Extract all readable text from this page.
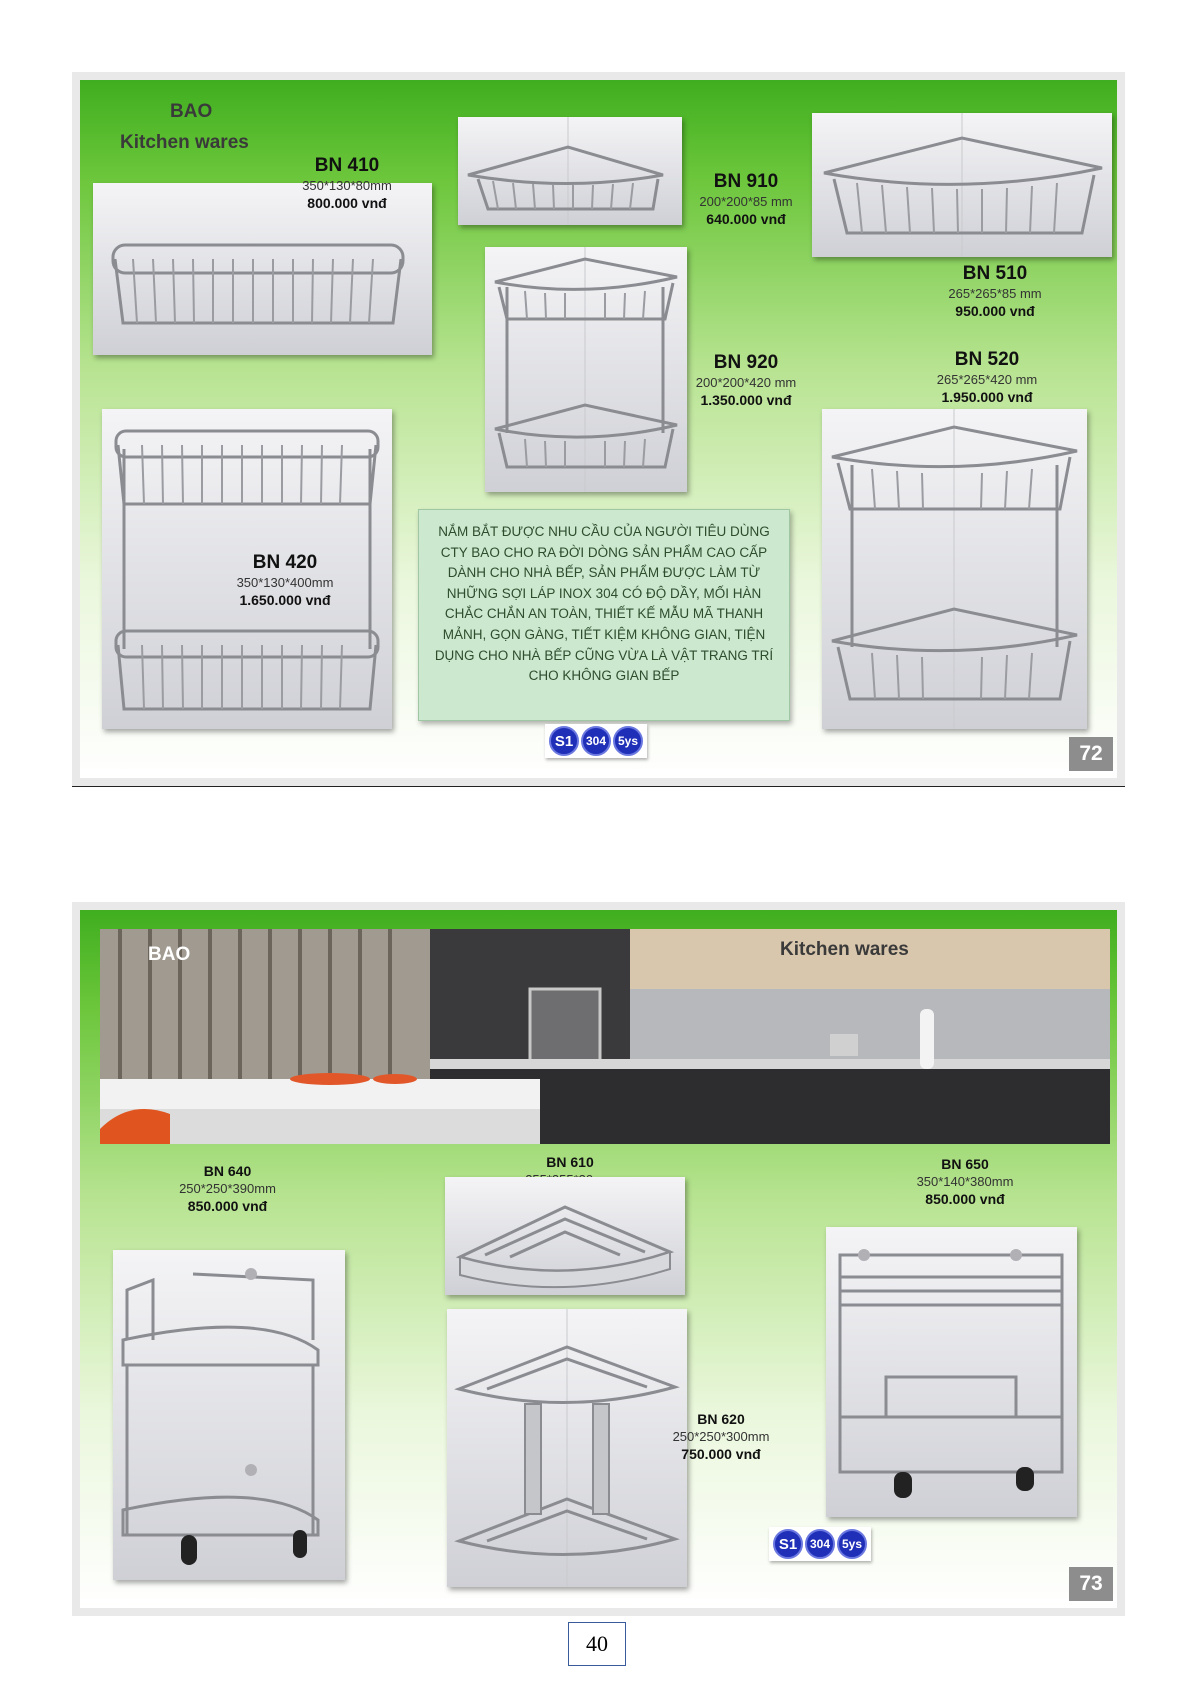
BAO
Kitchen wares
BN 410
350*130*80mm
800.000 vnđ
BN 910
200*200*85 mm
640.000 vnđ
BN 510
265*265*85 mm
950.000 vnđ
BN 920
200*200*420 mm
1.350.000 vnđ
BN 520
265*265*420 mm
1.950.000 vnđ
BN 420
350*130*400mm
1.650.000 vnđ
NẮM BẮT ĐƯỢC NHU CẦU CỦA NGƯỜI TIÊU DÙNG CTY BAO CHO RA ĐỜI DÒNG SẢN PHẨM CAO CẤP DÀNH CHO NHÀ BẾP, SẢN PHẨM ĐƯỢC LÀM TỪ NHỮNG SỢI LÁP INOX 304 CÓ ĐỘ DẦY, MỐI HÀN CHẮC CHẮN AN TOÀN, THIẾT KẾ MẪU MÃ THANH MẢNH, GỌN GÀNG, TIẾT KIỆM KHÔNG GIAN, TIỆN DỤNG CHO NHÀ BẾP CŨNG VỪA LÀ VẬT TRANG TRÍ CHO KHÔNG GIAN BẾP
S1	304 5ys
72
BAO	Kitchen wares
BN 640
250*250*390mm
850.000 vnđ
BN 610	BN 650
350*140*380mm
850.000 vnđ
BN 620
250*250*300mm
750.000 vnđ
S1	304 5ys
73
40
